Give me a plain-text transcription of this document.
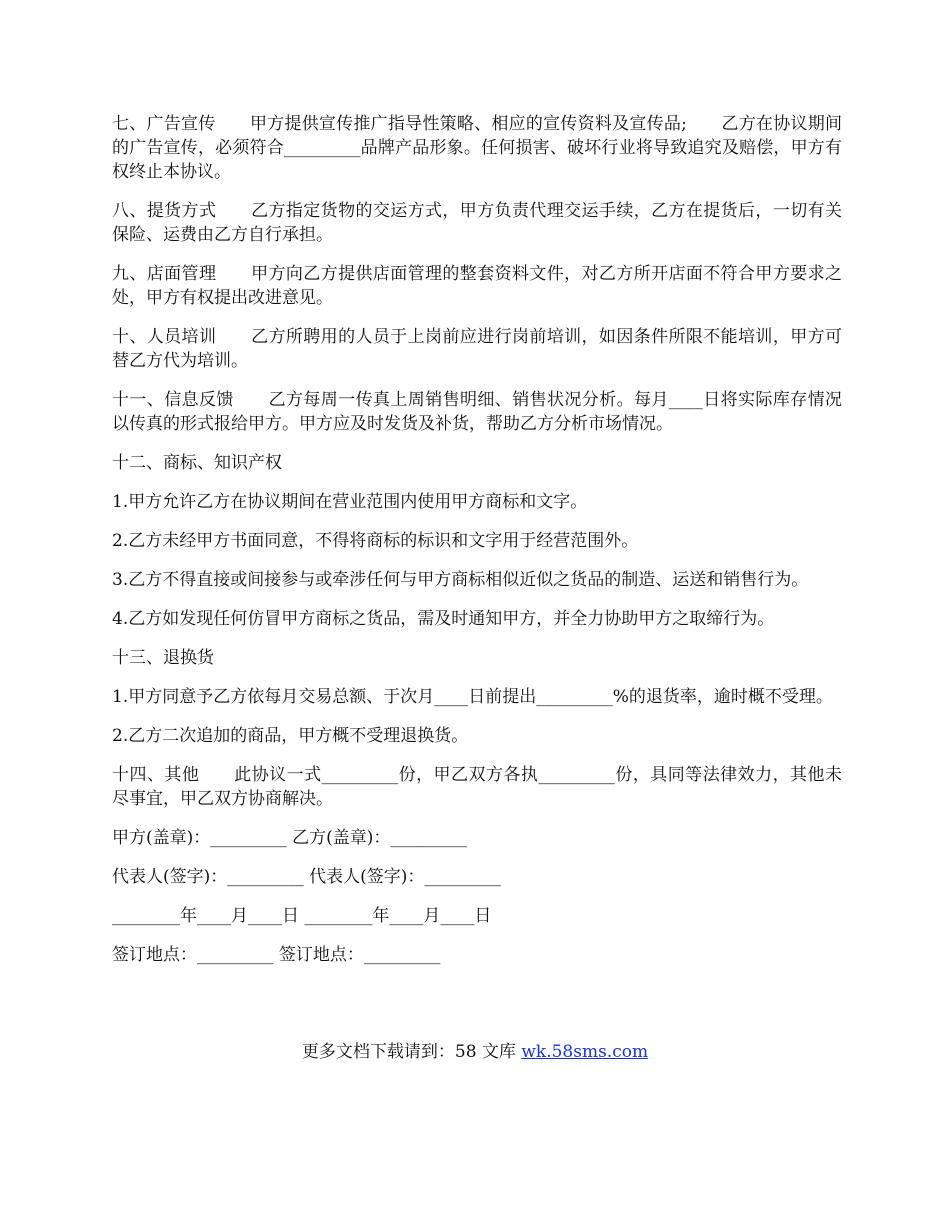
七、广告宣传　　甲方提供宣传推广指导性策略、相应的宣传资料及宣传品;　　乙方在协议期间的广告宣传，必须符合_________品牌产品形象。任何损害、破坏行业将导致追究及赔偿，甲方有权终止本协议。

八、提货方式　　乙方指定货物的交运方式，甲方负责代理交运手续，乙方在提货后，一切有关保险、运费由乙方自行承担。

九、店面管理　　甲方向乙方提供店面管理的整套资料文件，对乙方所开店面不符合甲方要求之处，甲方有权提出改进意见。

十、人员培训　　乙方所聘用的人员于上岗前应进行岗前培训，如因条件所限不能培训，甲方可替乙方代为培训。

十一、信息反馈　　乙方每周一传真上周销售明细、销售状况分析。每月____日将实际库存情况以传真的形式报给甲方。甲方应及时发货及补货，帮助乙方分析市场情况。

十二、商标、知识产权

1.甲方允许乙方在协议期间在营业范围内使用甲方商标和文字。

2.乙方未经甲方书面同意，不得将商标的标识和文字用于经营范围外。

3.乙方不得直接或间接参与或牵涉任何与甲方商标相似近似之货品的制造、运送和销售行为。

4.乙方如发现任何仿冒甲方商标之货品，需及时通知甲方，并全力协助甲方之取缔行为。

十三、退换货

1.甲方同意予乙方依每月交易总额、于次月____日前提出_________%的退货率，逾时概不受理。

2.乙方二次追加的商品，甲方概不受理退换货。

十四、其他　　此协议一式_________份，甲乙双方各执_________份，具同等法律效力，其他未尽事宜，甲乙双方协商解决。

甲方(盖章)：_________ 乙方(盖章)：_________

代表人(签字)：_________ 代表人(签字)：_________

________年____月____日 ________年____月____日

签订地点：_________ 签订地点：_________

更多文档下载请到：58 文库 wk.58sms.com
